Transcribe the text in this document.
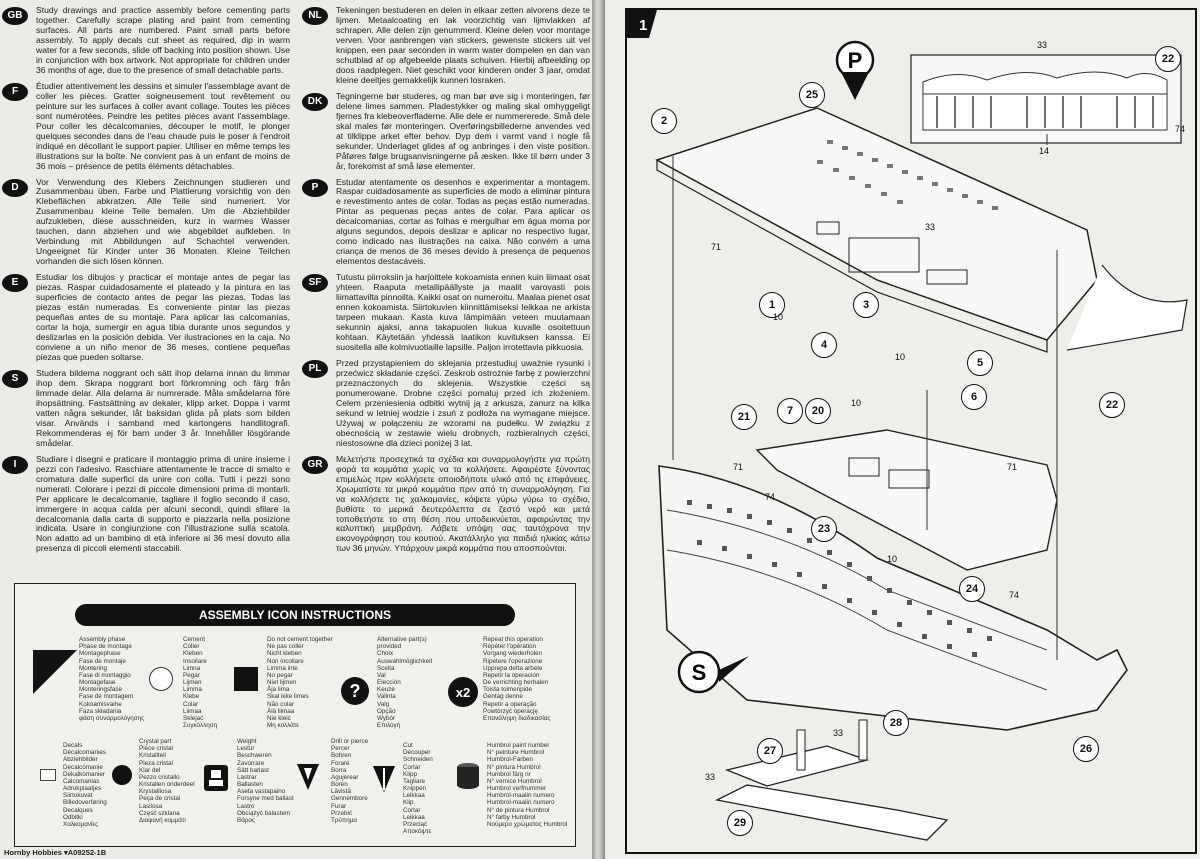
GB	Study drawings and practice assembly before cementing parts together. Carefully scrape plating and paint from cementing surfaces. All parts are numbered. Paint small parts before assembly. To apply decals cut sheet as required, dip in warm water for a few seconds, slide off backing into position shown. Use in conjunction with box artwork. Not appropriate for children under 36 months of age, due to the presence of small detachable parts.

F	Étudier attentivement les dessins et simuler l'assemblage avant de coller les pièces. Gratter soigneusement tout revêtement ou peinture sur les surfaces à coller avant collage. Toutes les pièces sont numérotées. Peindre les petites pièces avant l'assemblage. Pour coller les décalcomanies, découper le motif, le plonger quelques secondes dans de l'eau chaude puis le poser à l'endroit indiqué en décollant le support papier. Utiliser en même temps les illustrations sur la boîte. Ne convient pas à un enfant de moins de 36 mois – présence de petits éléments détachables.

D	Vor Verwendung des Klebers Zeichnungen studieren und Zusammenbau üben. Farbe und Plattierung vorsichtig von den Klebeflächen abkratzen. Alle Teile sind numeriert. Vor Zusammenbau kleine Teile bemalen. Um die Abziehbilder aufzukleben, diese ausschneiden, kurz in warmes Wasser tauchen, dann abziehen und wie abgebildet aufkleben. In Verbindung mit Abbildungen auf Schachtel verwenden. Ungeeignet für Kinder unter 36 Monaten. Kleine Teilchen vorhanden die sich lösen können.

E	Estudiar los dibujos y practicar el montaje antes de pegar las piezas. Raspar cuidadosamente el plateado y la pintura en las superficies de contacto antes de pegar las piezas. Todas las piezas están numeradas. Es conveniente pintar las piezas pequeñas antes de su montaje. Para aplicar las calcomanías, cortar la hoja, sumergir en agua tibia durante unos segundos y deslizarlas en la posición debida. Ver ilustraciones en la caja. No conviene a un niño menor de 36 meses, contiene pequeñas piezas que pueden soltarse.

S	Studera bildema noggrant och sätt ihop delarna innan du limmar ihop dem. Skrapa noggrant bort förkromning och färg från limmade delar. Alla delarna är numrerade. Måla smådelarna före ihopsättning. Fastsättning av dekaler, klipp arket. Doppa i varmt vatten några sekunder, låt baksidan glida på plats som bilden visar. Används i samband med kartongens handlitografi. Rekommenderas ej för barn under 3 år. Innehåller lösgörande smådelar.

I	Studiare i disegni e praticare il montaggio prima di unire insieme i pezzi con l'adesivo. Raschiare attentamente le tracce di smalto e cromatura dalle superfici da unire con colla. Tutti i pezzi sono numerati. Colorare i pezzi di piccole dimensioni prima di montarli. Per applicare le decalcomanie, tagliare il foglio secondo il caso, immergere in acqua calda per alcuni secondi, quindi sfilare la decalcomania dalla carta di supporto e piazzarla nella posizione indicata. Usare in congiunzione con l'illustrazione sulla scatola. Non adatto ad un bambino di età inferiore ai 36 mesi dovuto alla presenza di piccoli elementi staccabili.

NL	Tekeningen bestuderen en delen in elkaar zetten alvorens deze te lijmen. Metaalcoating en lak voorzichtig van lijmvlakken af schrapen. Alle delen zijn genummerd. Kleine delen voor montage verven. Voor aanbrengen van stickers, gewenste stickers uit vel knippen, een paar seconden in warm water dompelen en dan van schutblad af op afgebeelde plaats schuiven. Hierbij afbeelding op doos raadplegen. Niet geschikt voor kinderen onder 3 jaar, omdat kleine deeltjes gemakkelijk kunnen losraken.

DK	Tegningerne bør studeres, og man bør øve sig i monteringen, før delene limes sammen. Pladestykker og maling skal omhyggeligt fjernes fra klebeoverfladerne. Alle dele er nummererede. Små dele skal males før monteringen. Overføringsbillederne anvendes ved at tilklippe arket efter behov. Dyp dem i varmt vand i nogle få sekunder. Underlaget glides af og anbringes i den viste position. Påføres følge brugsanvisningerne på æsken. Ikke til børn under 3 år, forekomst af små løse elementer.

P	Estudar atentamente os desenhos e experimentar a montagem. Raspar cuidadosamente as superficies de modo a eliminar pintura e revestimento antes de colar. Todas as peças estão numeradas. Pintar as pequenas peças antes de colar. Para aplicar os decalcomanias, cortar as folhas e mergulhar em água morna por alguns segundos, depois deslizar e aplicar no respectivo lugar, como indicado nas ilustrações na caixa. Não convém a uma criança de menos de 36 meses devido à presença de pequenos elementos destacáveis.

SF	Tutustu piirroksiin ja harjoittele kokoamista ennen kuin liimaat osat yhteen. Raaputa metallipäällyste ja maalit varovasti pois liimattavilta pinnoilta. Kaikki osat on numeroitu. Maalaa pienet osat ennen kokoamista. Siirtokuvien kiinnittämiseksi leikkaa ne arkista tarpeen mukaan. Kasta kuva lämpimään veteen muutamaan sekunnin ajaksi, anna takapuolen liukua kuvalle osoitettuun kohtaan. Käytetään yhdessä laatikon kuvituksen kanssa. Ei suositella alle kolmivuotiaille lapsille. Paljon irrotettavia pikkuosia.

PL	Przed przystąpieniem do sklejania przestudiuj uważnie rysunki i przećwicz składanie części. Zeskrob ostrożnie farbę z powierzchni przeznaczonych do sklejenia. Wszystkie części są ponumerowane. Drobne części pomaluj przed ich złożeniem. Celem przeniesienia odbitki wytnij ją z arkusza, zanurz na kilka sekund w letniej wodzie i zsuń z podłoża na wymagane miejsce. Używaj w połączeniu ze wzorami na pudełku. W związku z obecnością w zestawie wielu drobnych, rozbieralnych części, niestosowne dla dzieci poniżej 3 lat.

GR	Μελετήστε προσεχτικά τα σχέδια και συναρμολογήστε για πρώτη φορά τα κομμάτια χωρίς να τα κολλήσετε. Αφαιρέστε ξύνοντας επιμελώς πριν κολλήσετε οποιοδήποτε υλικό από τις επιφάνειες. Χρωματίστε τα μικρά κομμάτια πριν από τη συναρμολόγηση. Για να κολλήσετε τις χαλκομανίες, κόψετε γύρω γύρω το σχέδιο, βυθίστε το μερικά δευτερόλεπτα σε ζεστό νερό και μετά τοποθετήστε το στη θέση που υποδεικνύεται, αφαιρώντας την καλυπτική μεμβράνη. Λάβετε υπόψη σας ταυτόχρονα την εικονογράφηση του κουτιού. Ακατάλληλο για παιδιά ηλικίας κάτω των 36 μηνών. Υπάρχουν μικρά κομμάτια που αποσπούνται.

ASSEMBLY ICON INSTRUCTIONS
Assembly phase
Phase de montage
Montagephase
Fase de montaje
Montering
Fase di montaggio
Montagefase
Monteringsfase
Fase de montagem
Kokoamisvaihe
Faza składania
φάση συναρμολόγησης
Cement
Coller
Kleben
Insoilare
Limna
Pegar
Lijmen
Limma
Klebe
Colar
Liimaa
Sklejać
Συγκόλληση
Do not cement together
Ne pas coller
Nicht kleben
Non incollare
Limma inte
No pegar
Niet lijmen
Åja lima
Skal ikke limes
Não colar
Älä liimaa
Nie kleić
Μη κολλάτε
?
Alternative part(s) provided
Choix
Auswahlmöglichkeit
Scelta
Val
Elección
Keuze
Valinta
Valg
Opção
Wybór
Επιλογή
x2
Repeat this operation
Répéter l'opération
Vorgang wiederholen
Ripetere l'operazione
Upprepa detta arbete
Repetir la operación
De verrichting herhalen
Toista toimenpide
Gentag denne
Repetir a operação
Powtórzyć operację
Επανάληψη διαδικασίας
Decals
Décalcomanies
Abziehbilder
Decalcomanie
Dekalkomanier
Calcomanias
Adrukplaatjes
Siirtokuvat
Billedoverføring
Decalques
Odbitki
Χαλκομανίες
Crystal part
Pièce cristal
Kristallteil
Pieza cristal
Klar del
Pezzo cristallo
Kristallen onderdeel
Krystalliosa
Peça de cristal
Lasilosa
Część szklana
Διαφανή κομμάτι
Weight
Lestur
Beschweren
Zavorrare
Sätt barlast
Lastrar
Ballasten
Aseta vastapaino
Forsyne med ballast
Lastro
Obciążyć balastem
Βάρος
Drill or pierce
Percer
Bohren
Forare
Borra
Agujerear
Boren
Lävistä
Gennembore
Furar
Przebić
Τρύπημα
Cut
Découper
Schneiden
Cortar
Klipp
Tagliare
Knippen
Leikkaa
Klip
Cortar
Leikkaa
Przeciąć
Αποκόψτε
Humbrol paint number
N° peinture Humbrol
Humbrol-Farben
N° pintura Humbrol
Humbrol färg nr
N° vernice Humbrol
Humbrol verfnummer
Humbrol-maalin numero
Humbrol-maalin numero
N° de pintura Humbrol
N° farby Humbrol
Νούμερο χρώματος Humbrol
Hornby Hobbies ▾A09252-1B
1
P
S
25
2
22
1	3
4
5
6
7	20
21
22
23
24
27
28
26
29
33
14
74
71
33
10
10
10
71	71
74
10
74
33
33
